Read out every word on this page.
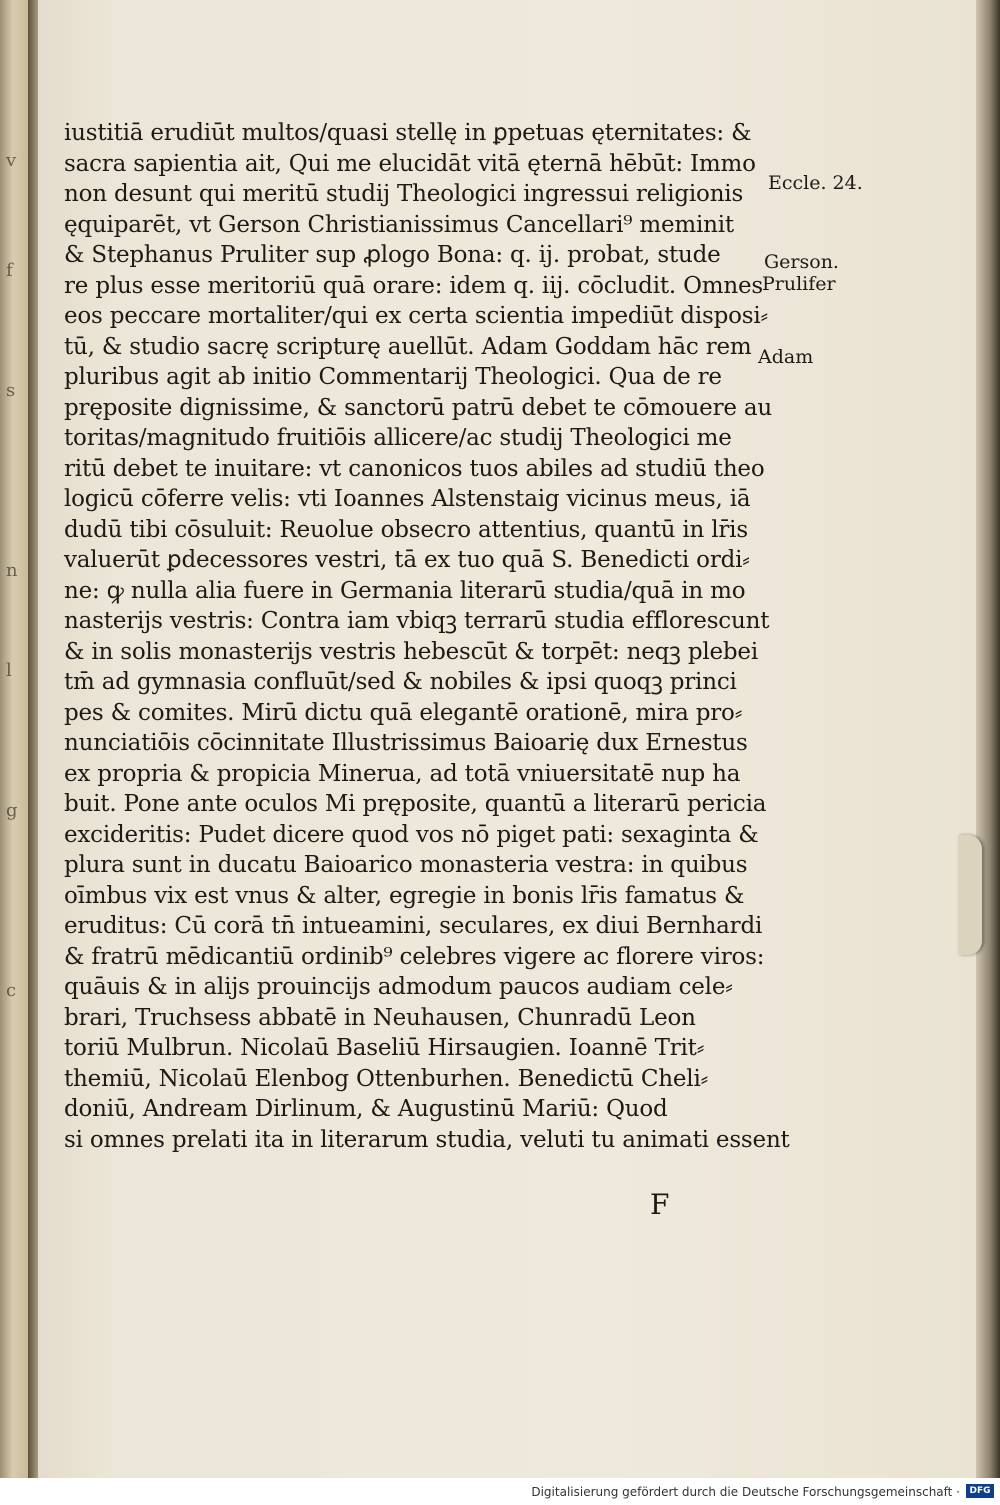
v
f
s
n
l
g
c
iustitiā erudiūt multos/quasi stellę in ꝑpetuas ęternitates: &
sacra sapientia ait, Qui me elucidāt vitā ęternā hēbūt: Immo
non desunt qui meritū studij Theologici ingressui religionis
ęquiparēt, vt Gerson Christianissimus Cancellari⁹ meminit
& Stephanus Pruliter sup ꝓlogo Bona: q. ij. probat, stude
re plus esse meritoriū quā orare: idem q. iij. cōcludit. Omnes
eos peccare mortaliter/qui ex certa scientia impediūt disposi⸗
tū, & studio sacrę scripturę auellūt. Adam Goddam hāc rem
pluribus agit ab initio Commentarij Theologici. Qua de re
pręposite dignissime, & sanctorū patrū debet te cōmouere au
toritas/magnitudo fruitiōis allicere/ac studij Theologici me
ritū debet te inuitare: vt canonicos tuos abiles ad studiū theo
logicū cōferre velis: vti Ioannes Alstenstaig vicinus meus, iā
dudū tibi cōsuluit: Reuolue obsecro attentius, quantū in lr̄is
valuerūt ꝑdecessores vestri, tā ex tuo quā S. Benedicti ordi⸗
ne: ꝙ nulla alia fuere in Germania literarū studia/quā in mo
nasterijs vestris: Contra iam vbiqꝫ terrarū studia efflorescunt
& in solis monasterijs vestris hebescūt & torpēt: neqꝫ plebei
tm̄ ad gymnasia confluūt/sed & nobiles & ipsi quoqꝫ princi
pes & comites. Mirū dictu quā elegantē orationē, mira pro⸗
nunciatiōis cōcinnitate Illustrissimus Baioarię dux Ernestus
ex propria & propicia Minerua, ad totā vniuersitatē nup ha
buit. Pone ante oculos Mi pręposite, quantū a literarū pericia
excideritis: Pudet dicere quod vos nō piget pati: sexaginta &
plura sunt in ducatu Baioarico monasteria vestra: in quibus
oīmbus vix est vnus & alter, egregie in bonis lr̄is famatus &
eruditus: Cū corā tn̄ intueamini, seculares, ex diui Bernhardi
& fratrū mēdicantiū ordinib⁹ celebres vigere ac florere viros:
quāuis & in alijs prouincijs admodum paucos audiam cele⸗
brari, Truchsess abbatē in Neuhausen, Chunradū Leon
toriū Mulbrun. Nicolaū Baseliū Hirsaugien. Ioannē Trit⸗
themiū, Nicolaū Elenbog Ottenburhen. Benedictū Cheli⸗
doniū, Andream Dirlinum, & Augustinū Mariū: Quod
si omnes prelati ita in literarum studia, veluti tu animati essent
Eccle. 24.
Gerson.
Prulifer
Adam
F
Digitalisierung gefördert durch die Deutsche Forschungsgemeinschaft ·	DFG
